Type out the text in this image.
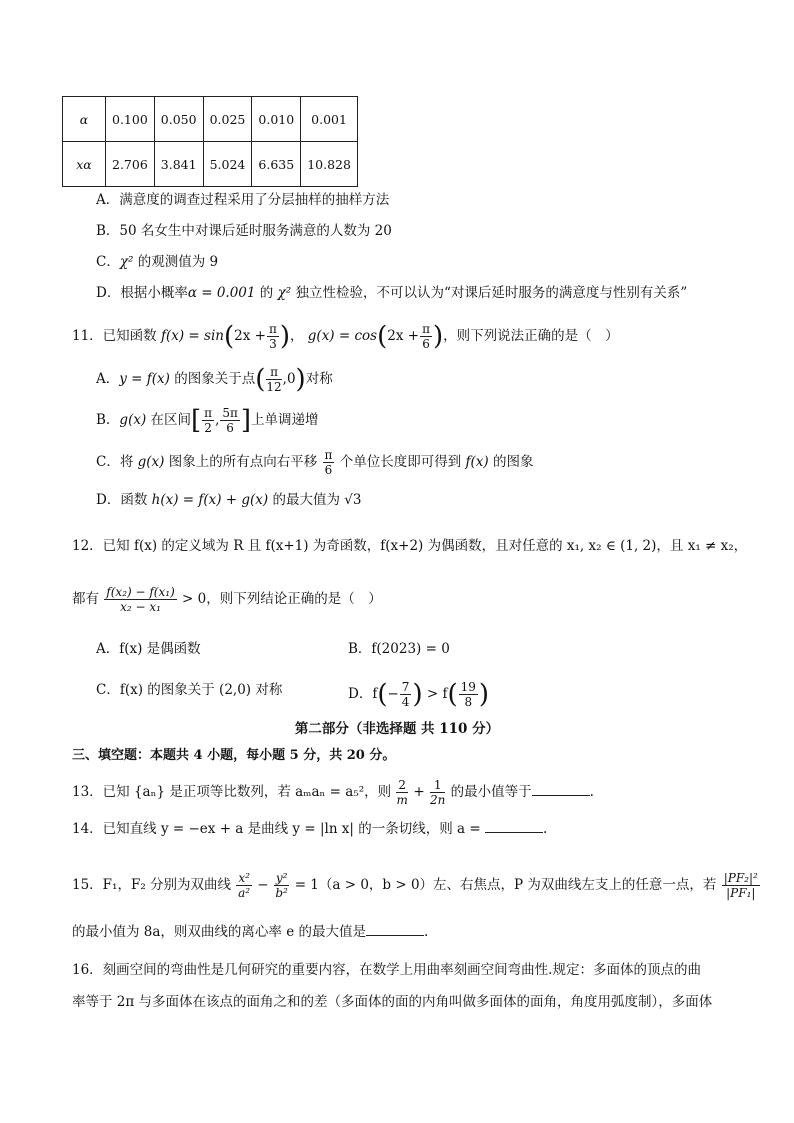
α	0.100	0.050	0.025	0.010	0.001
xα	2.706	3.841	5.024	6.635	10.828
A．满意度的调查过程采用了分层抽样的抽样方法
B．50 名女生中对课后延时服务满意的人数为 20
C．χ² 的观测值为 9
D．根据小概率α = 0.001 的 χ² 独立性检验，不可以认为“对课后延时服务的满意度与性别有关系”
11．已知函数 $f(x) = \sin(2x + \frac{\pi}{3}$ )， $g(x) = \cos(2x + \frac{\pi}{6}$ )，则下列说法正确的是（　）
A．y = f(x) 的图象关于点( $\frac{\pi}{12} ,0$)对称
B．g(x) 在区间[ $\frac{\pi}{2}$ , $\frac{5\pi}{6}$ ]上单调递增
C．将 g(x) 图象上的所有点向右平移 $\frac{\pi}{6}$ 个单位长度即可得到 f(x) 的图象
D．函数 h(x) = f(x) + g(x) 的最大值为 √3
12．已知 f(x) 的定义域为 R 且 f(x+1) 为奇函数，f(x+2) 为偶函数，且对任意的 x₁, x₂ ∈ (1, 2)，且 x₁ ≠ x₂，
都有 $\frac{\text{f(x₂) − f(x₁)}}{\text{x₂ − x₁}} > 0$，则下列结论正确的是（　）
A．f(x) 是偶函数	B．f(2023) = 0
C．f(x) 的图象关于 (2,0) 对称	D．$f(- \frac{7}{4}$ ) > $f( \frac{19}{8}$ )
第二部分（非选择题 共 110 分）
三、填空题：本题共 4 小题，每小题 5 分，共 20 分。
13．已知 {aₙ} 是正项等比数列，若 aₘaₙ = a₅²，则 $\frac{2}{m} + \frac{1}{2n}$ 的最小值等于	.
14．已知直线 y = −ex + a 是曲线 y = |ln x| 的一条切线，则 a =	.
15．F₁，F₂ 分别为双曲线 $\frac{\text{x²}}{\text{a²}} - \frac{\text{y²}}{\text{b²}} = 1(a > 0$，b > 0）左、右焦点，P 为双曲线左支上的任意一点，若 $\frac{\text{|PF₂|²}}{\text{|PF₁|}}$
的最小值为 8a，则双曲线的离心率 e 的最大值是	.
16．刻画空间的弯曲性是几何研究的重要内容，在数学上用曲率刻画空间弯曲性.规定：多面体的顶点的曲
率等于 2π 与多面体在该点的面角之和的差（多面体的面的内角叫做多面体的面角，角度用弧度制），多面体
